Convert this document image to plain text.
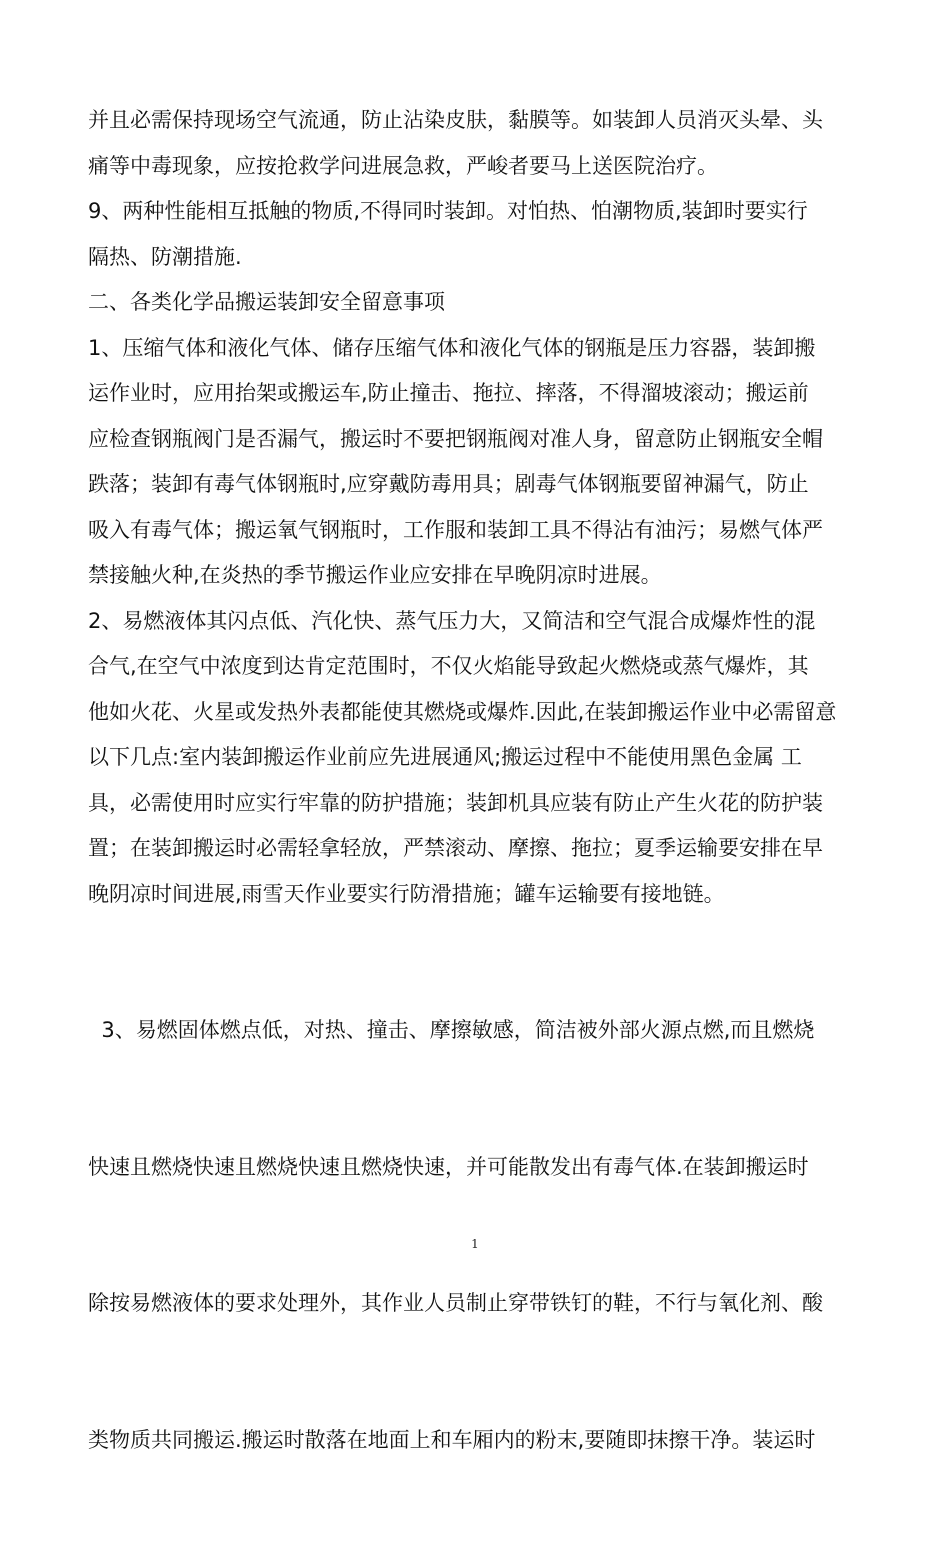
并且必需保持现场空气流通，防止沾染皮肤，黏膜等。如装卸人员消灭头晕、头
痛等中毒现象，应按抢救学问进展急救，严峻者要马上送医院治疗。

9、两种性能相互抵触的物质,不得同时装卸。对怕热、怕潮物质,装卸时要实行
隔热、防潮措施.

二、各类化学品搬运装卸安全留意事项

1、压缩气体和液化气体、储存压缩气体和液化气体的钢瓶是压力容器，装卸搬
运作业时，应用抬架或搬运车,防止撞击、拖拉、摔落，不得溜坡滚动；搬运前
应检查钢瓶阀门是否漏气，搬运时不要把钢瓶阀对准人身，留意防止钢瓶安全帽
跌落；装卸有毒气体钢瓶时,应穿戴防毒用具；剧毒气体钢瓶要留神漏气，防止
吸入有毒气体；搬运氧气钢瓶时，工作服和装卸工具不得沾有油污；易燃气体严
禁接触火种,在炎热的季节搬运作业应安排在早晚阴凉时进展。

2、易燃液体其闪点低、汽化快、蒸气压力大，又简洁和空气混合成爆炸性的混
合气,在空气中浓度到达肯定范围时，不仅火焰能导致起火燃烧或蒸气爆炸，其
他如火花、火星或发热外表都能使其燃烧或爆炸.因此,在装卸搬运作业中必需留意
以下几点:室内装卸搬运作业前应先进展通风;搬运过程中不能使用黑色金属 工
具，必需使用时应实行牢靠的防护措施；装卸机具应装有防止产生火花的防护装
置；在装卸搬运时必需轻拿轻放，严禁滚动、摩擦、拖拉；夏季运输要安排在早
晚阴凉时间进展,雨雪天作业要实行防滑措施；罐车运输要有接地链。

3、易燃固体燃点低，对热、撞击、摩擦敏感，简洁被外部火源点燃,而且燃烧

快速且燃烧快速且燃烧快速且燃烧快速，并可能散发出有毒气体.在装卸搬运时

除按易燃液体的要求处理外，其作业人员制止穿带铁钉的鞋，不行与氧化剂、酸

类物质共同搬运.搬运时散落在地面上和车厢内的粉末,要随即抹擦干净。装运时

1
